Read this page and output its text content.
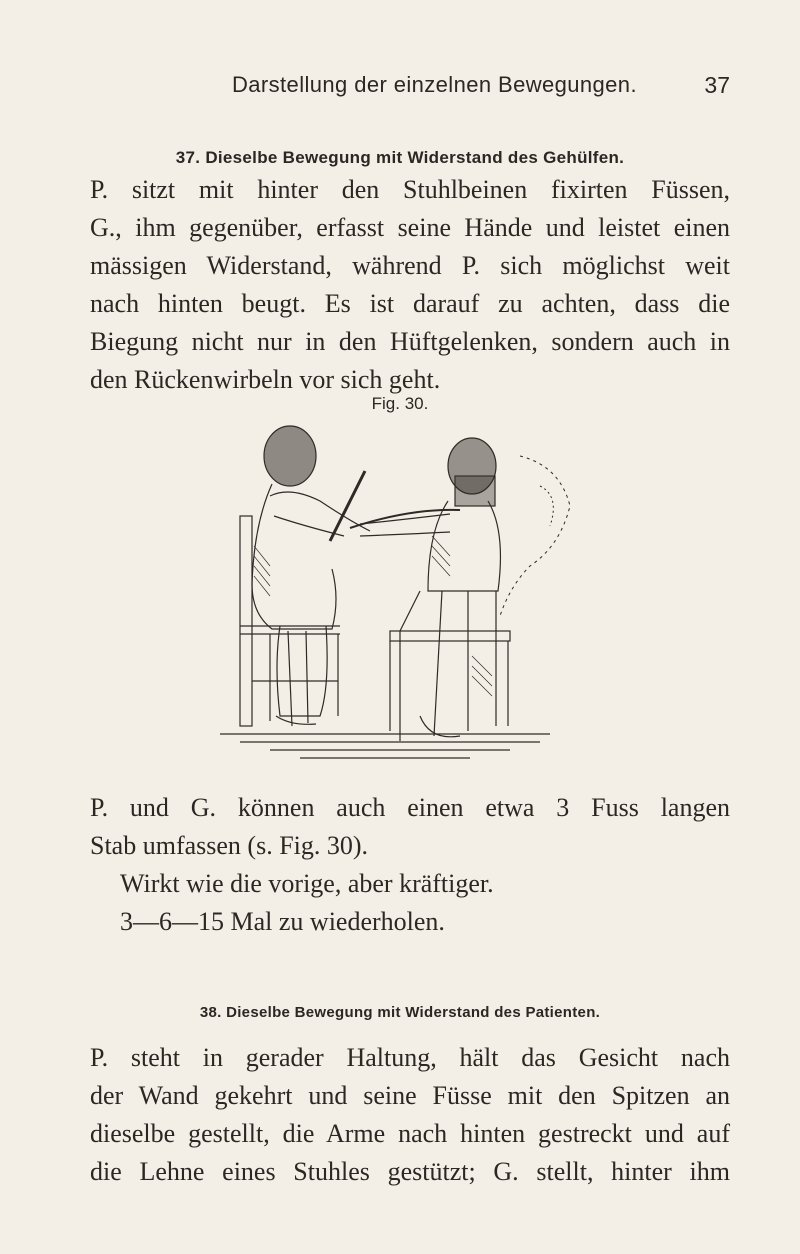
Darstellung der einzelnen Bewegungen.	37
37. Dieselbe Bewegung mit Widerstand des Gehülfen.
P. sitzt mit hinter den Stuhlbeinen fixirten Füssen,
G., ihm gegenüber, erfasst seine Hände und leistet einen
mässigen Widerstand, während P. sich möglichst weit
nach hinten beugt. Es ist darauf zu achten, dass die
Biegung nicht nur in den Hüftgelenken, sondern auch in
den Rückenwirbeln vor sich geht.
Fig. 30.
P. und G. können auch einen etwa 3 Fuss langen
Stab umfassen (s. Fig. 30).
Wirkt wie die vorige, aber kräftiger.
3—6—15 Mal zu wiederholen.
38. Dieselbe Bewegung mit Widerstand des Patienten.
P. steht in gerader Haltung, hält das Gesicht nach
der Wand gekehrt und seine Füsse mit den Spitzen an
dieselbe gestellt, die Arme nach hinten gestreckt und auf
die Lehne eines Stuhles gestützt; G. stellt, hinter ihm
